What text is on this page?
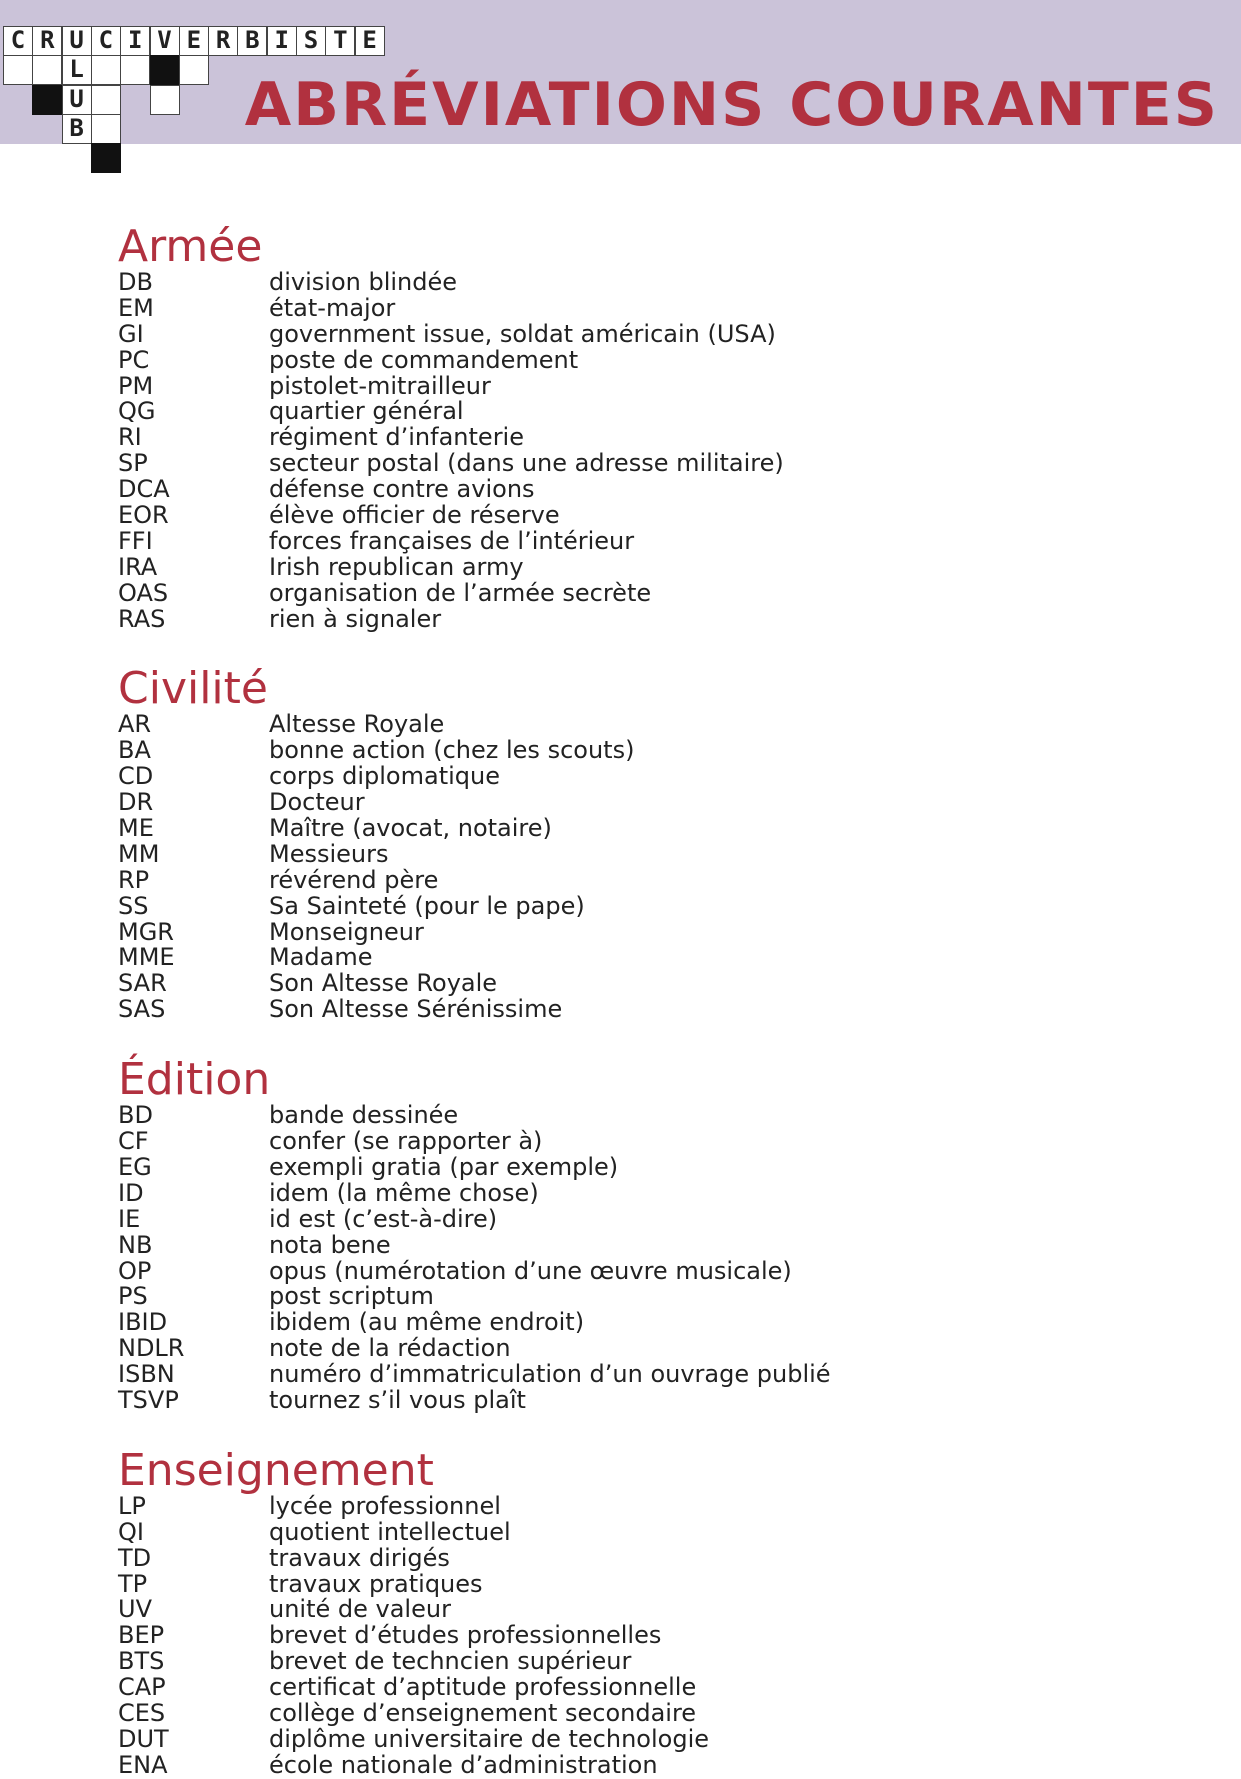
ABRÉVIATIONS COURANTES
C R U C I V E R B I S T E
L
U
B
Armée
DB	division blindée
EM	état-major
GI	government issue, soldat américain (USA)
PC	poste de commandement
PM	pistolet-mitrailleur
QG	quartier général
RI	régiment d’infanterie
SP	secteur postal (dans une adresse militaire)
DCA	défense contre avions
EOR	élève officier de réserve
FFI	forces françaises de l’intérieur
IRA	Irish republican army
OAS	organisation de l’armée secrète
RAS	rien à signaler
Civilité
AR	Altesse Royale
BA	bonne action (chez les scouts)
CD	corps diplomatique
DR	Docteur
ME	Maître (avocat, notaire)
MM	Messieurs
RP	révérend père
SS	Sa Sainteté (pour le pape)
MGR	Monseigneur
MME	Madame
SAR	Son Altesse Royale
SAS	Son Altesse Sérénissime
Édition
BD	bande dessinée
CF	confer (se rapporter à)
EG	exempli gratia (par exemple)
ID	idem (la même chose)
IE	id est (c’est-à-dire)
NB	nota bene
OP	opus (numérotation d’une œuvre musicale)
PS	post scriptum
IBID	ibidem (au même endroit)
NDLR	note de la rédaction
ISBN	numéro d’immatriculation d’un ouvrage publié
TSVP	tournez s’il vous plaît
Enseignement
LP	lycée professionnel
QI	quotient intellectuel
TD	travaux dirigés
TP	travaux pratiques
UV	unité de valeur
BEP	brevet d’études professionnelles
BTS	brevet de techncien supérieur
CAP	certificat d’aptitude professionnelle
CES	collège d’enseignement secondaire
DUT	diplôme universitaire de technologie
ENA	école nationale d’administration
